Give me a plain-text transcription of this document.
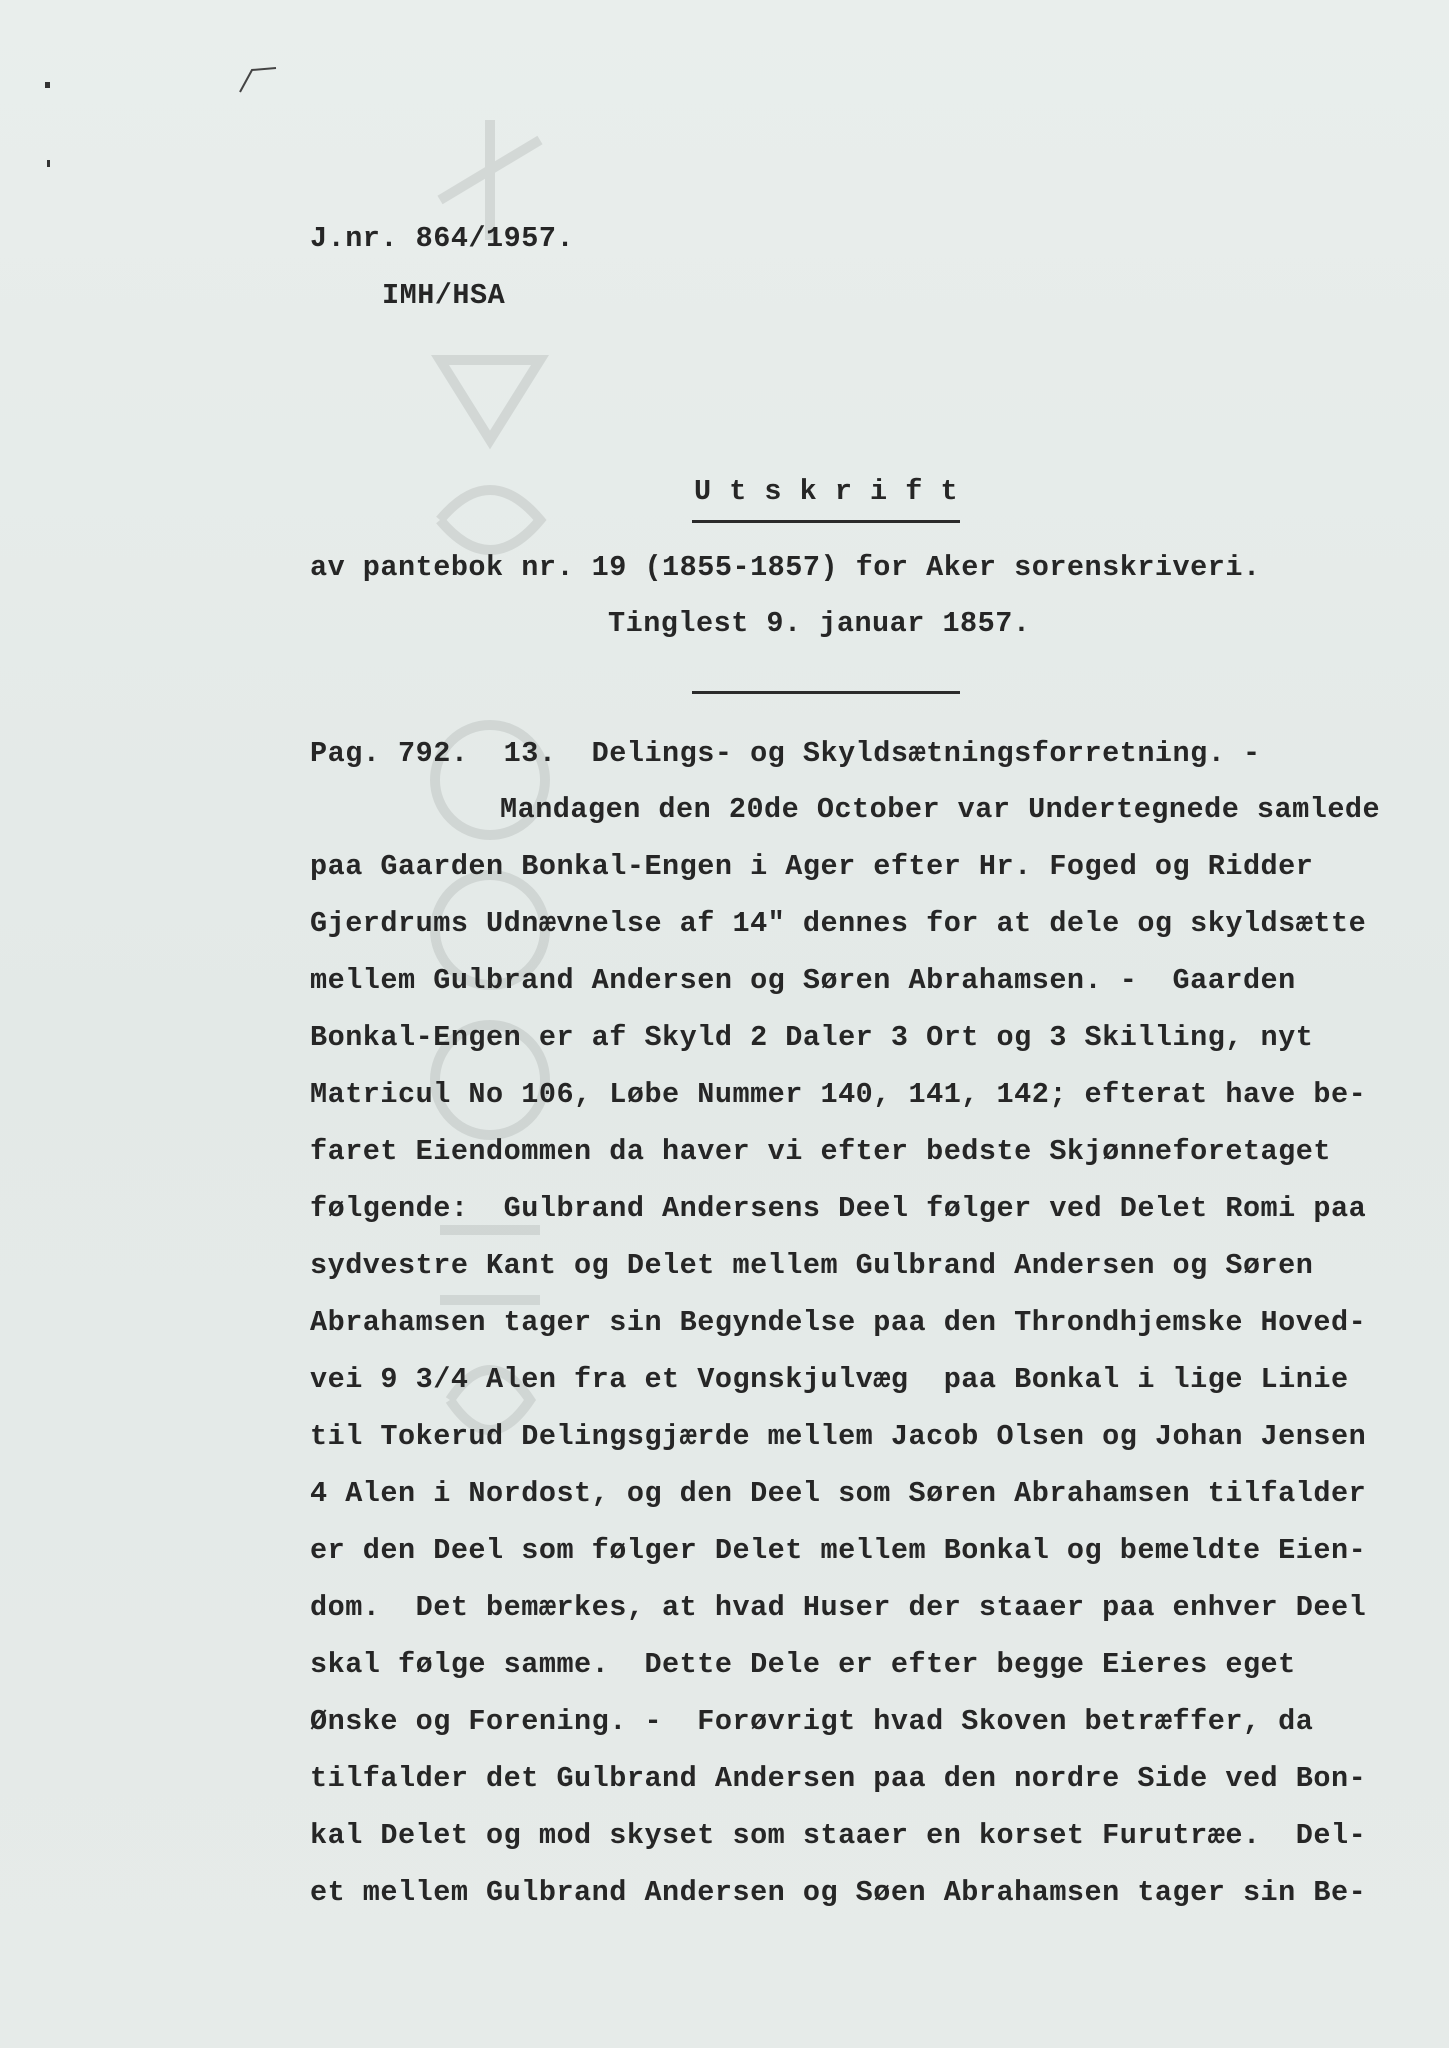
J.nr. 864/1957.
IMH/HSA
U t s k r i f t
av pantebok nr. 19 (1855-1857) for Aker sorenskriveri.
Tinglest 9. januar 1857.
Pag. 792.  13.  Delings- og Skyldsætningsforretning. -
Mandagen den 20de October var Undertegnede samlede
paa Gaarden Bonkal-Engen i Ager efter Hr. Foged og Ridder
Gjerdrums Udnævnelse af 14" dennes for at dele og skyldsætte
mellem Gulbrand Andersen og Søren Abrahamsen. -  Gaarden
Bonkal-Engen er af Skyld 2 Daler 3 Ort og 3 Skilling, nyt
Matricul No 106, Løbe Nummer 140, 141, 142; efterat have be-
faret Eiendommen da haver vi efter bedste Skjønneforetaget
følgende:  Gulbrand Andersens Deel følger ved Delet Romi paa
sydvestre Kant og Delet mellem Gulbrand Andersen og Søren
Abrahamsen tager sin Begyndelse paa den Throndhjemske Hoved-
vei 9 3/4 Alen fra et Vognskjulvæg  paa Bonkal i lige Linie
til Tokerud Delingsgjærde mellem Jacob Olsen og Johan Jensen
4 Alen i Nordost, og den Deel som Søren Abrahamsen tilfalder
er den Deel som følger Delet mellem Bonkal og bemeldte Eien-
dom.  Det bemærkes, at hvad Huser der staaer paa enhver Deel
skal følge samme.  Dette Dele er efter begge Eieres eget
Ønske og Forening. -  Forøvrigt hvad Skoven betræffer, da
tilfalder det Gulbrand Andersen paa den nordre Side ved Bon-
kal Delet og mod skyset som staaer en korset Furutræe.  Del-
et mellem Gulbrand Andersen og Søen Abrahamsen tager sin Be-
